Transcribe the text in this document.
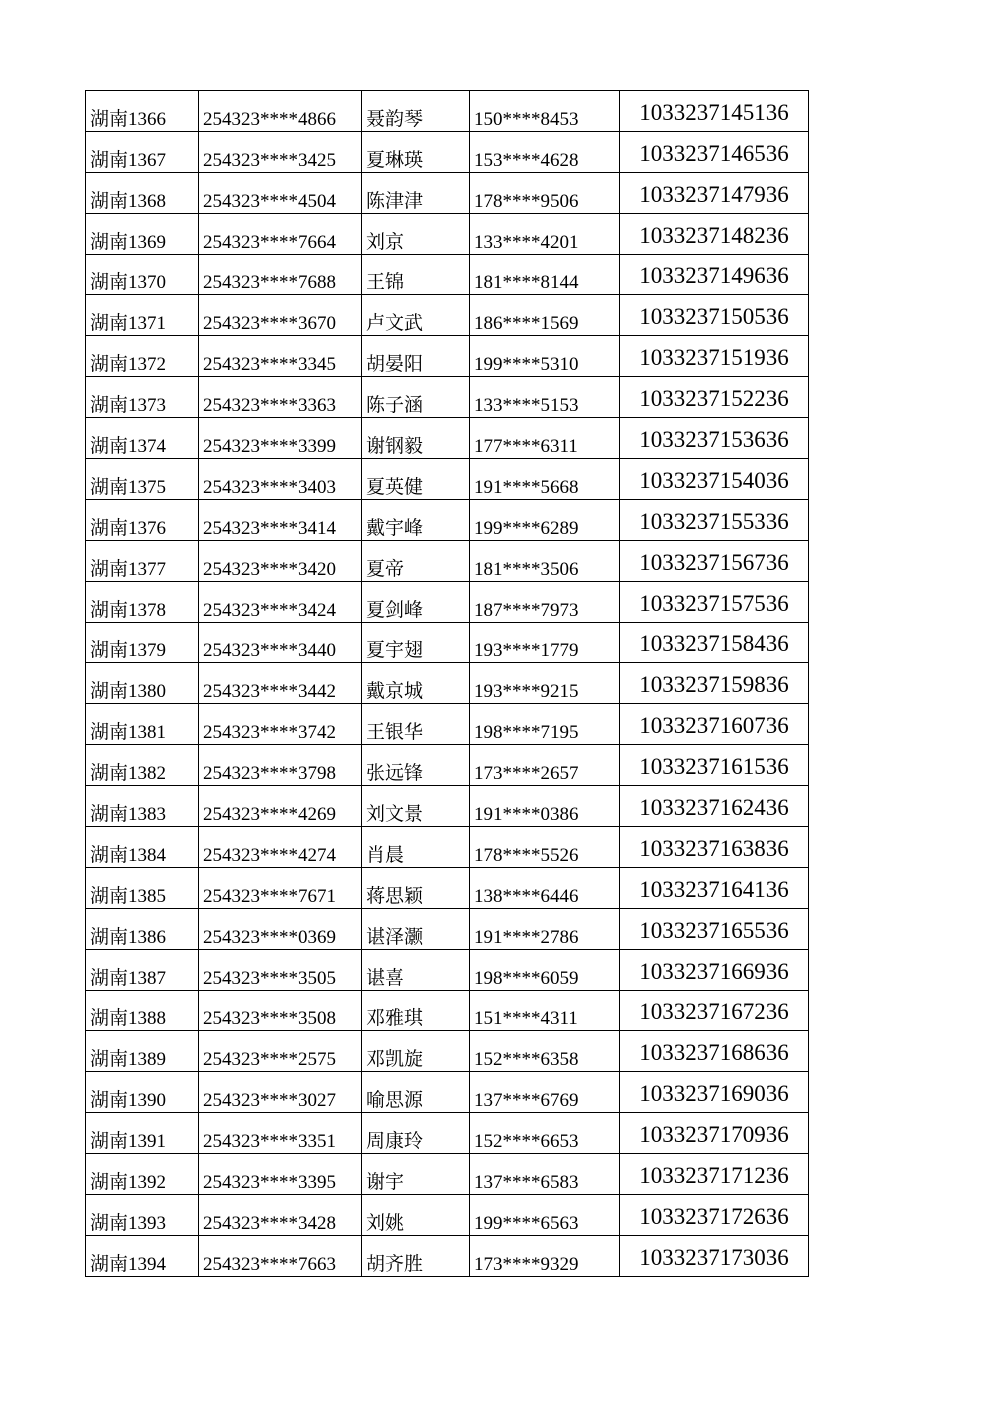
湖南1366	254323****4866	聂韵琴	150****8453	1033237145136
湖南1367	254323****3425	夏琳瑛	153****4628	1033237146536
湖南1368	254323****4504	陈津津	178****9506	1033237147936
湖南1369	254323****7664	刘京	133****4201	1033237148236
湖南1370	254323****7688	王锦	181****8144	1033237149636
湖南1371	254323****3670	卢文武	186****1569	1033237150536
湖南1372	254323****3345	胡晏阳	199****5310	1033237151936
湖南1373	254323****3363	陈子涵	133****5153	1033237152236
湖南1374	254323****3399	谢钢毅	177****6311	1033237153636
湖南1375	254323****3403	夏英健	191****5668	1033237154036
湖南1376	254323****3414	戴宇峰	199****6289	1033237155336
湖南1377	254323****3420	夏帝	181****3506	1033237156736
湖南1378	254323****3424	夏剑峰	187****7973	1033237157536
湖南1379	254323****3440	夏宇翅	193****1779	1033237158436
湖南1380	254323****3442	戴京城	193****9215	1033237159836
湖南1381	254323****3742	王银华	198****7195	1033237160736
湖南1382	254323****3798	张远锋	173****2657	1033237161536
湖南1383	254323****4269	刘文景	191****0386	1033237162436
湖南1384	254323****4274	肖晨	178****5526	1033237163836
湖南1385	254323****7671	蒋思颖	138****6446	1033237164136
湖南1386	254323****0369	谌泽灏	191****2786	1033237165536
湖南1387	254323****3505	谌喜	198****6059	1033237166936
湖南1388	254323****3508	邓雅琪	151****4311	1033237167236
湖南1389	254323****2575	邓凯旋	152****6358	1033237168636
湖南1390	254323****3027	喻思源	137****6769	1033237169036
湖南1391	254323****3351	周康玲	152****6653	1033237170936
湖南1392	254323****3395	谢宇	137****6583	1033237171236
湖南1393	254323****3428	刘姚	199****6563	1033237172636
湖南1394	254323****7663	胡齐胜	173****9329	1033237173036
